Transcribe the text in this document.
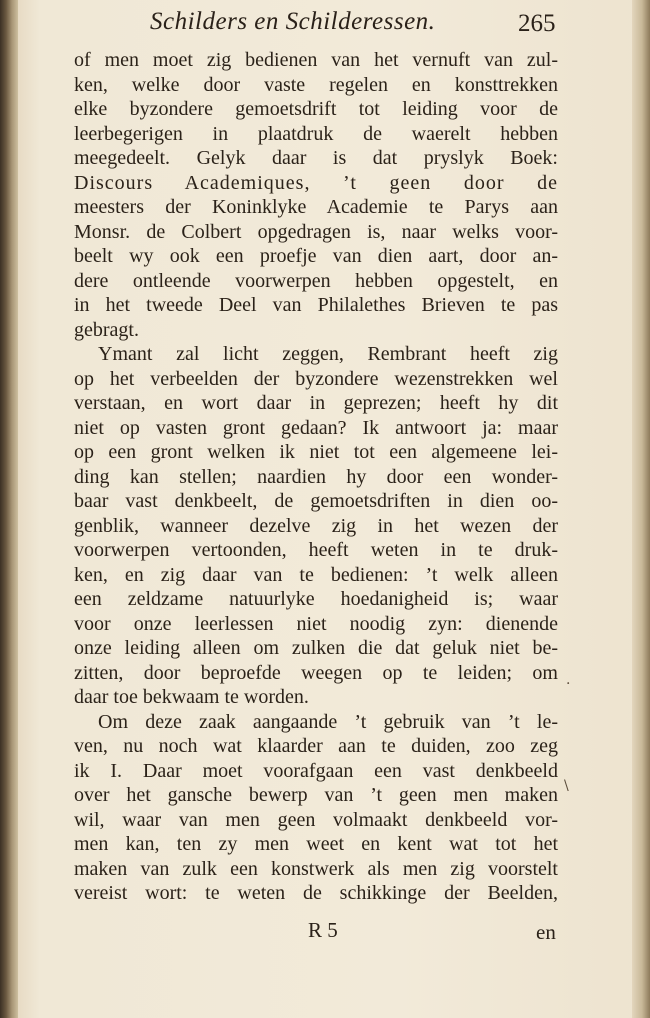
Schilders en Schilderessen.	265
of men moet zig bedienen van het vernuft van zul-
ken, welke door vaste regelen en konsttrekken
elke byzondere gemoetsdrift tot leiding voor de
leerbegerigen in plaatdruk de waerelt hebben
meegedeelt. Gelyk daar is dat pryslyk Boek:
Discours Academiques, ’t geen door de
meesters der Koninklyke Academie te Parys aan
Monsr. de Colbert opgedragen is, naar welks voor-
beelt wy ook een proefje van dien aart, door an-
dere ontleende voorwerpen hebben opgestelt, en
in het tweede Deel van Philalethes Brieven te pas
gebragt.
Ymant zal licht zeggen, Rembrant heeft zig
op het verbeelden der byzondere wezenstrekken wel
verstaan, en wort daar in geprezen; heeft hy dit
niet op vasten gront gedaan? Ik antwoort ja: maar
op een gront welken ik niet tot een algemeene lei-
ding kan stellen; naardien hy door een wonder-
baar vast denkbeelt, de gemoetsdriften in dien oo-
genblik, wanneer dezelve zig in het wezen der
voorwerpen vertoonden, heeft weten in te druk-
ken, en zig daar van te bedienen: ’t welk alleen
een zeldzame natuurlyke hoedanigheid is; waar
voor onze leerlessen niet noodig zyn: dienende
onze leiding alleen om zulken die dat geluk niet be-
zitten, door beproefde weegen op te leiden; om
daar toe bekwaam te worden.
Om deze zaak aangaande ’t gebruik van ’t le-
ven, nu noch wat klaarder aan te duiden, zoo zeg
ik I. Daar moet voorafgaan een vast denkbeeld
over het gansche bewerp van ’t geen men maken
wil, waar van men geen volmaakt denkbeeld vor-
men kan, ten zy men weet en kent wat tot het
maken van zulk een konstwerk als men zig voorstelt
vereist wort: te weten de schikkinge der Beelden,
R 5	en
·
\
